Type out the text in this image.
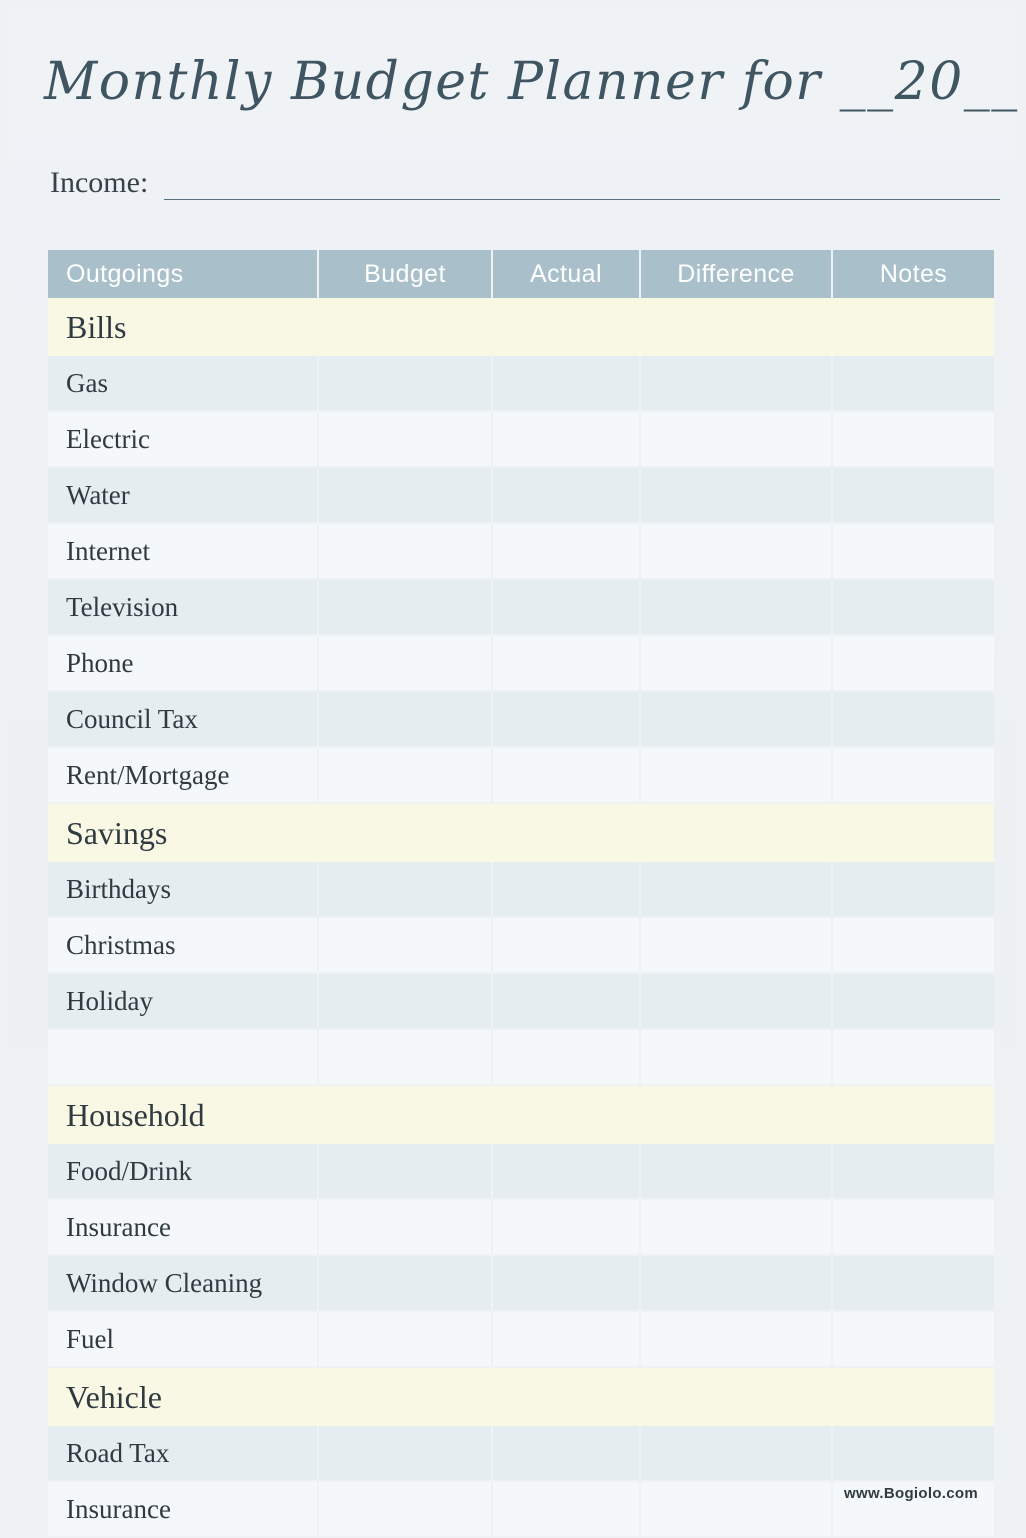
Monthly Budget Planner for __20__
Income:
Outgoings	Budget	Actual	Difference	Notes
Bills				
Gas				
Electric				
Water				
Internet				
Television				
Phone				
Council Tax				
Rent/Mortgage				
Savings				
Birthdays				
Christmas				
Holiday				

Household				
Food/Drink				
Insurance				
Window Cleaning				
Fuel				
Vehicle				
Road Tax				
Insurance					www.Bogiolo.com
